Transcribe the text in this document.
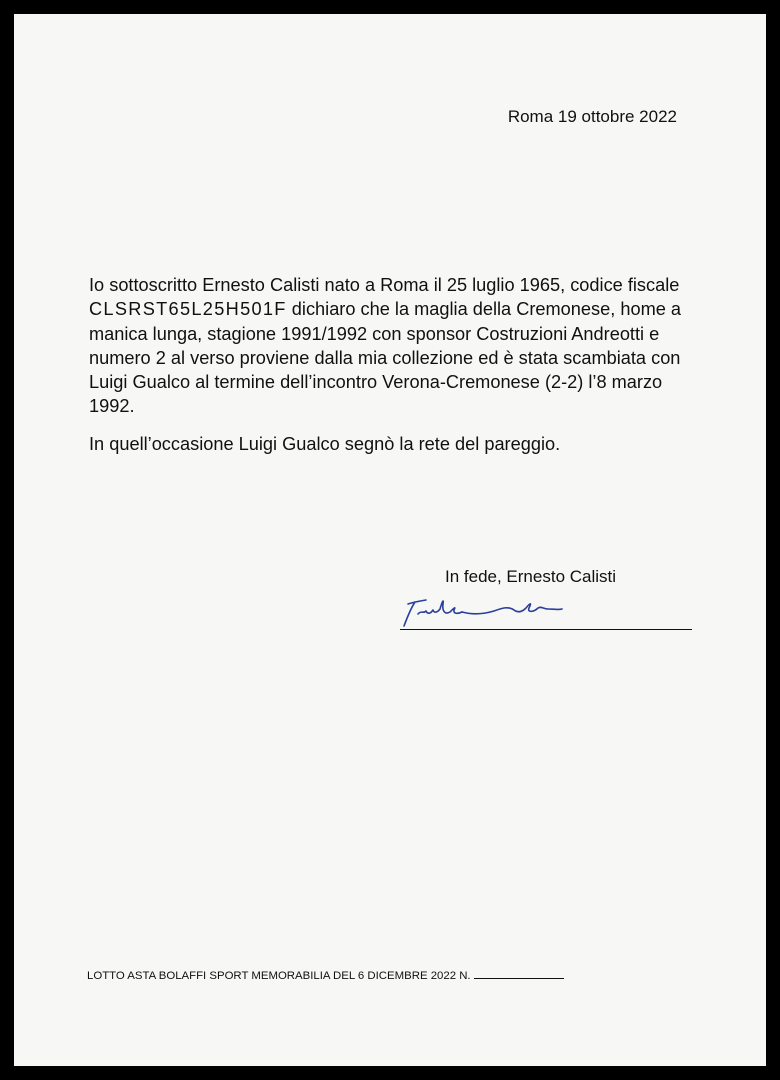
Roma 19 ottobre 2022

Io sottoscritto Ernesto Calisti nato a Roma il 25 luglio 1965, codice fiscale CLSRST65L25H501F dichiaro che la maglia della Cremonese, home a manica lunga, stagione 1991/1992 con sponsor Costruzioni Andreotti e numero 2 al verso proviene dalla mia collezione ed è stata scambiata con Luigi Gualco al termine dell’incontro Verona-Cremonese (2-2) l’8 marzo 1992.

In quell’occasione Luigi Gualco segnò la rete del pareggio.

In fede, Ernesto Calisti
LOTTO ASTA BOLAFFI SPORT MEMORABILIA DEL 6 DICEMBRE 2022 N.
